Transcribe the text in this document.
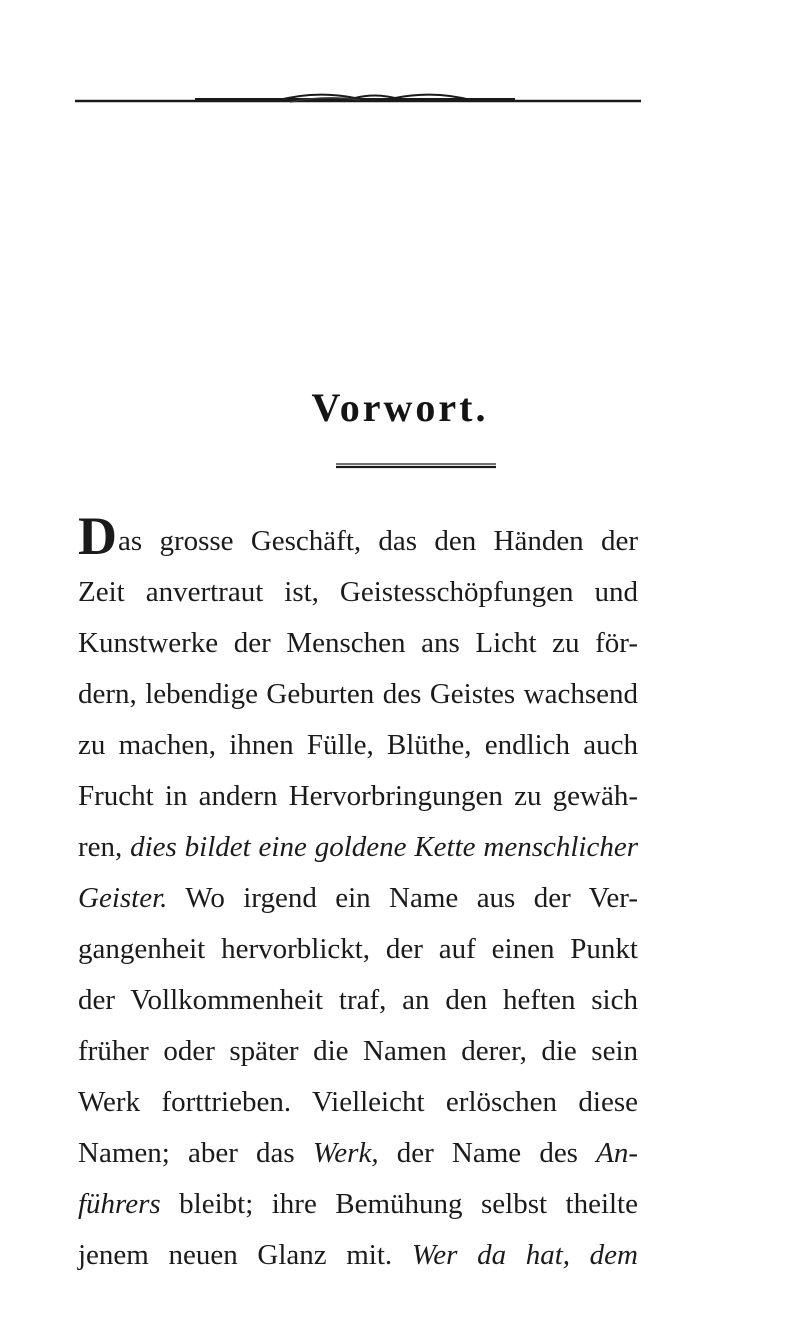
Vorwort.
Das grosse Geschäft, das den Händen der
Zeit anvertraut ist, Geistesschöpfungen und
Kunstwerke der Menschen ans Licht zu för-
dern, lebendige Geburten des Geistes wachsend
zu machen, ihnen Fülle, Blüthe, endlich auch
Frucht in andern Hervorbringungen zu gewäh-
ren, dies bildet eine goldene Kette menschlicher
Geister. Wo irgend ein Name aus der Ver-
gangenheit hervorblickt, der auf einen Punkt
der Vollkommenheit traf, an den heften sich
früher oder später die Namen derer, die sein
Werk forttrieben. Vielleicht erlöschen diese
Namen; aber das Werk, der Name des An-
führers bleibt; ihre Bemühung selbst theilte
jenem neuen Glanz mit. Wer da hat, dem
